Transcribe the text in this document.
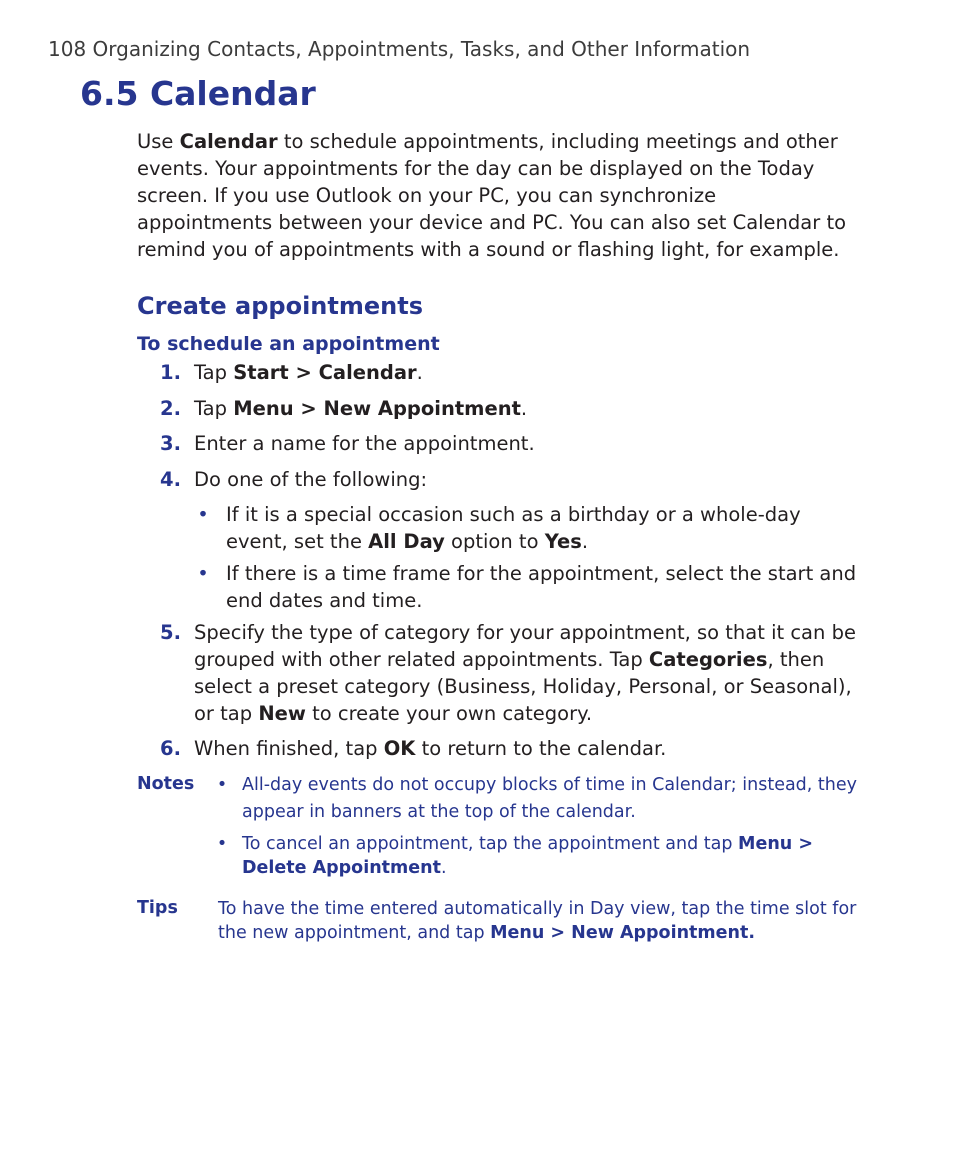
108 Organizing Contacts, Appointments, Tasks, and Other Information
6.5 Calendar

Use Calendar to schedule appointments, including meetings and other events. Your appointments for the day can be displayed on the Today screen. If you use Outlook on your PC, you can synchronize appointments between your device and PC. You can also set Calendar to remind you of appointments with a sound or flashing light, for example.

Create appointments
To schedule an appointment
1. Tap Start > Calendar.
2. Tap Menu > New Appointment.
3. Enter a name for the appointment.
4. Do one of the following:
• If it is a special occasion such as a birthday or a whole-day event, set the All Day option to Yes.
• If there is a time frame for the appointment, select the start and end dates and time.
5. Specify the type of category for your appointment, so that it can be grouped with other related appointments. Tap Categories, then select a preset category (Business, Holiday, Personal, or Seasonal), or tap New to create your own category.
6. When finished, tap OK to return to the calendar.
Notes • All-day events do not occupy blocks of time in Calendar; instead, they appear in banners at the top of the calendar.
• To cancel an appointment, tap the appointment and tap Menu > Delete Appointment.
Tips To have the time entered automatically in Day view, tap the time slot for the new appointment, and tap Menu > New Appointment.
